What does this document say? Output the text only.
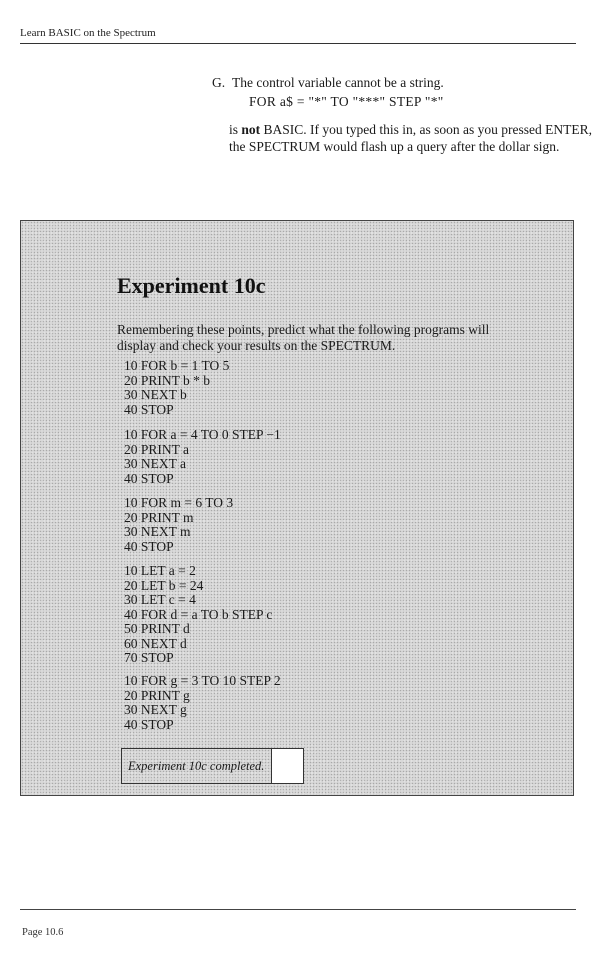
Learn BASIC on the Spectrum
G. The control variable cannot be a string.
FOR a$ = "*" TO "***" STEP "*"
is not BASIC. If you typed this in, as soon as you pressed ENTER, the SPECTRUM would flash up a query after the dollar sign.
Experiment 10c
Remembering these points, predict what the following programs will display and check your results on the SPECTRUM.
10 FOR b = 1 TO 5
20 PRINT b * b
30 NEXT b
40 STOP
10 FOR a = 4 TO 0 STEP −1
20 PRINT a
30 NEXT a
40 STOP
10 FOR m = 6 TO 3
20 PRINT m
30 NEXT m
40 STOP
10 LET a = 2
20 LET b = 24
30 LET c = 4
40 FOR d = a TO b STEP c
50 PRINT d
60 NEXT d
70 STOP
10 FOR g = 3 TO 10 STEP 2
20 PRINT g
30 NEXT g
40 STOP
Experiment 10c completed.
Page 10.6
